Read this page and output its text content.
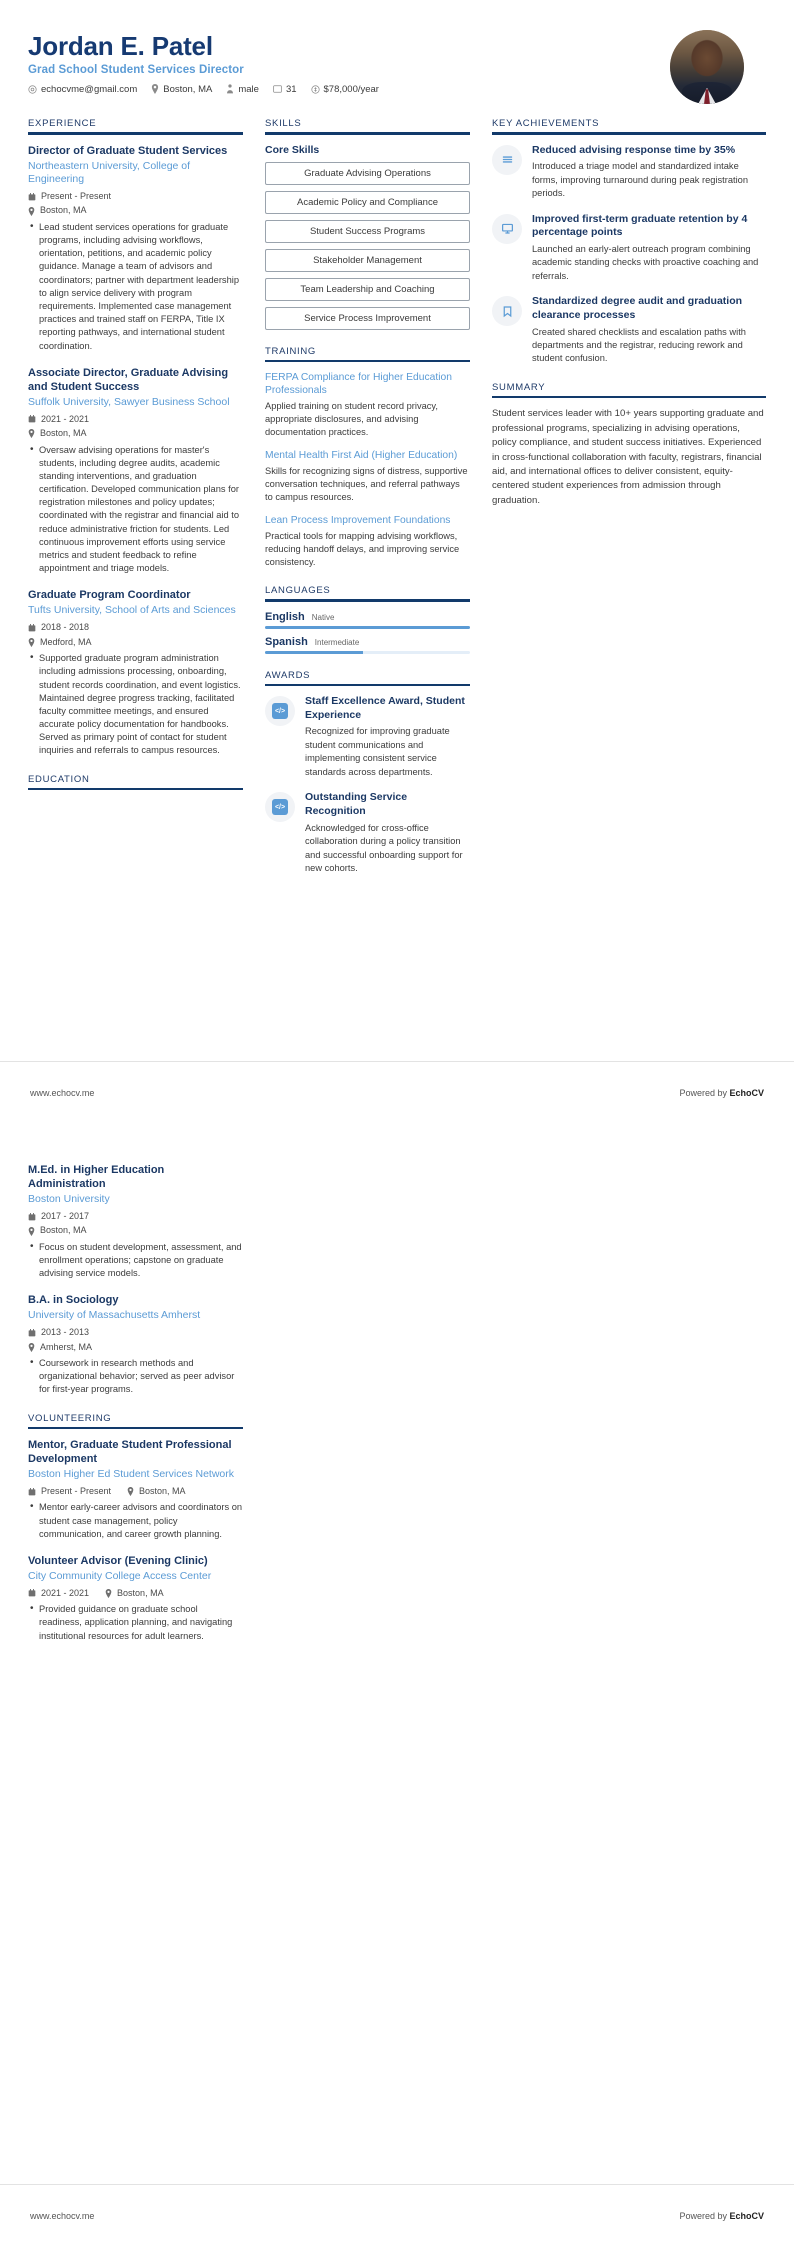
Jordan E. Patel
Grad School Student Services Director
echocvme@gmail.com	Boston, MA	male	31	$78,000/year
EXPERIENCE
Director of Graduate Student Services
Northeastern University, College of Engineering
Present - Present
Boston, MA
• Lead student services operations for graduate programs, including advising workflows, orientation, petitions, and academic policy guidance. Manage a team of advisors and coordinators; partner with department leadership to align service delivery with program requirements. Implemented case management practices and trained staff on FERPA, Title IX reporting pathways, and international student coordination.
Associate Director, Graduate Advising and Student Success
Suffolk University, Sawyer Business School
2021 - 2021
Boston, MA
• Oversaw advising operations for master's students, including degree audits, academic standing interventions, and graduation certification. Developed communication plans for registration milestones and policy updates; coordinated with the registrar and financial aid to reduce administrative friction for students. Led continuous improvement efforts using service metrics and student feedback to refine appointment and triage models.
Graduate Program Coordinator
Tufts University, School of Arts and Sciences
2018 - 2018
Medford, MA
• Supported graduate program administration including admissions processing, onboarding, student records coordination, and event logistics. Maintained degree progress tracking, facilitated faculty committee meetings, and ensured accurate policy documentation for handbooks. Served as primary point of contact for student inquiries and referrals to campus resources.
EDUCATION
SKILLS
Core Skills
Graduate Advising Operations
Academic Policy and Compliance
Student Success Programs
Stakeholder Management
Team Leadership and Coaching
Service Process Improvement
TRAINING
FERPA Compliance for Higher Education Professionals
Applied training on student record privacy, appropriate disclosures, and advising documentation practices.
Mental Health First Aid (Higher Education)
Skills for recognizing signs of distress, supportive conversation techniques, and referral pathways to campus resources.
Lean Process Improvement Foundations
Practical tools for mapping advising workflows, reducing handoff delays, and improving service consistency.
LANGUAGES
English Native
Spanish Intermediate
AWARDS
</>
Staff Excellence Award, Student Experience
Recognized for improving graduate student communications and implementing consistent service standards across departments.
</>
Outstanding Service Recognition
Acknowledged for cross-office collaboration during a policy transition and successful onboarding support for new cohorts.
KEY ACHIEVEMENTS
Reduced advising response time by 35%
Introduced a triage model and standardized intake forms, improving turnaround during peak registration periods.
Improved first-term graduate retention by 4 percentage points
Launched an early-alert outreach program combining academic standing checks with proactive coaching and referrals.
Standardized degree audit and graduation clearance processes
Created shared checklists and escalation paths with departments and the registrar, reducing rework and student confusion.
SUMMARY
Student services leader with 10+ years supporting graduate and professional programs, specializing in advising operations, policy compliance, and student success initiatives. Experienced in cross-functional collaboration with faculty, registrars, financial aid, and international offices to deliver consistent, equity-centered student experiences from admission through graduation.
www.echocv.me	Powered by EchoCV
M.Ed. in Higher Education Administration
Boston University
2017 - 2017
Boston, MA
• Focus on student development, assessment, and enrollment operations; capstone on graduate advising service models.
B.A. in Sociology
University of Massachusetts Amherst
2013 - 2013
Amherst, MA
• Coursework in research methods and organizational behavior; served as peer advisor for first-year programs.
VOLUNTEERING
Mentor, Graduate Student Professional Development
Boston Higher Ed Student Services Network
Present - Present	Boston, MA
• Mentor early-career advisors and coordinators on student case management, policy communication, and career growth planning.
Volunteer Advisor (Evening Clinic)
City Community College Access Center
2021 - 2021	Boston, MA
• Provided guidance on graduate school readiness, application planning, and navigating institutional resources for adult learners.
www.echocv.me	Powered by EchoCV
